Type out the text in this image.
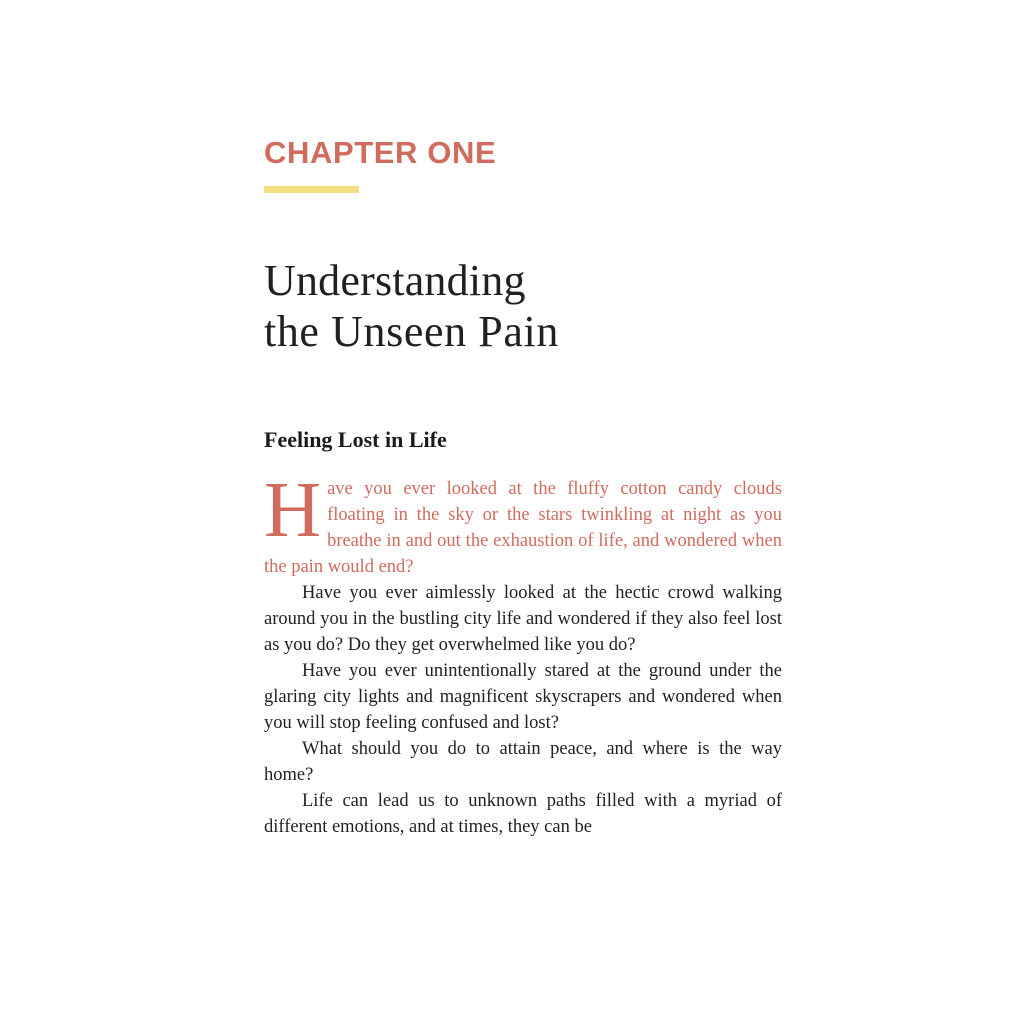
CHAPTER ONE

Understanding
the Unseen Pain
Feeling Lost in Life

Have you ever looked at the fluffy cotton candy clouds floating in the sky or the stars twinkling at night as you breathe in and out the exhaustion of life, and wondered when the pain would end?

Have you ever aimlessly looked at the hectic crowd walking around you in the bustling city life and wondered if they also feel lost as you do? Do they get overwhelmed like you do?

Have you ever unintentionally stared at the ground under the glaring city lights and magnificent skyscrapers and wondered when you will stop feeling confused and lost?

What should you do to attain peace, and where is the way home?

Life can lead us to unknown paths filled with a myriad of different emotions, and at times, they can be
